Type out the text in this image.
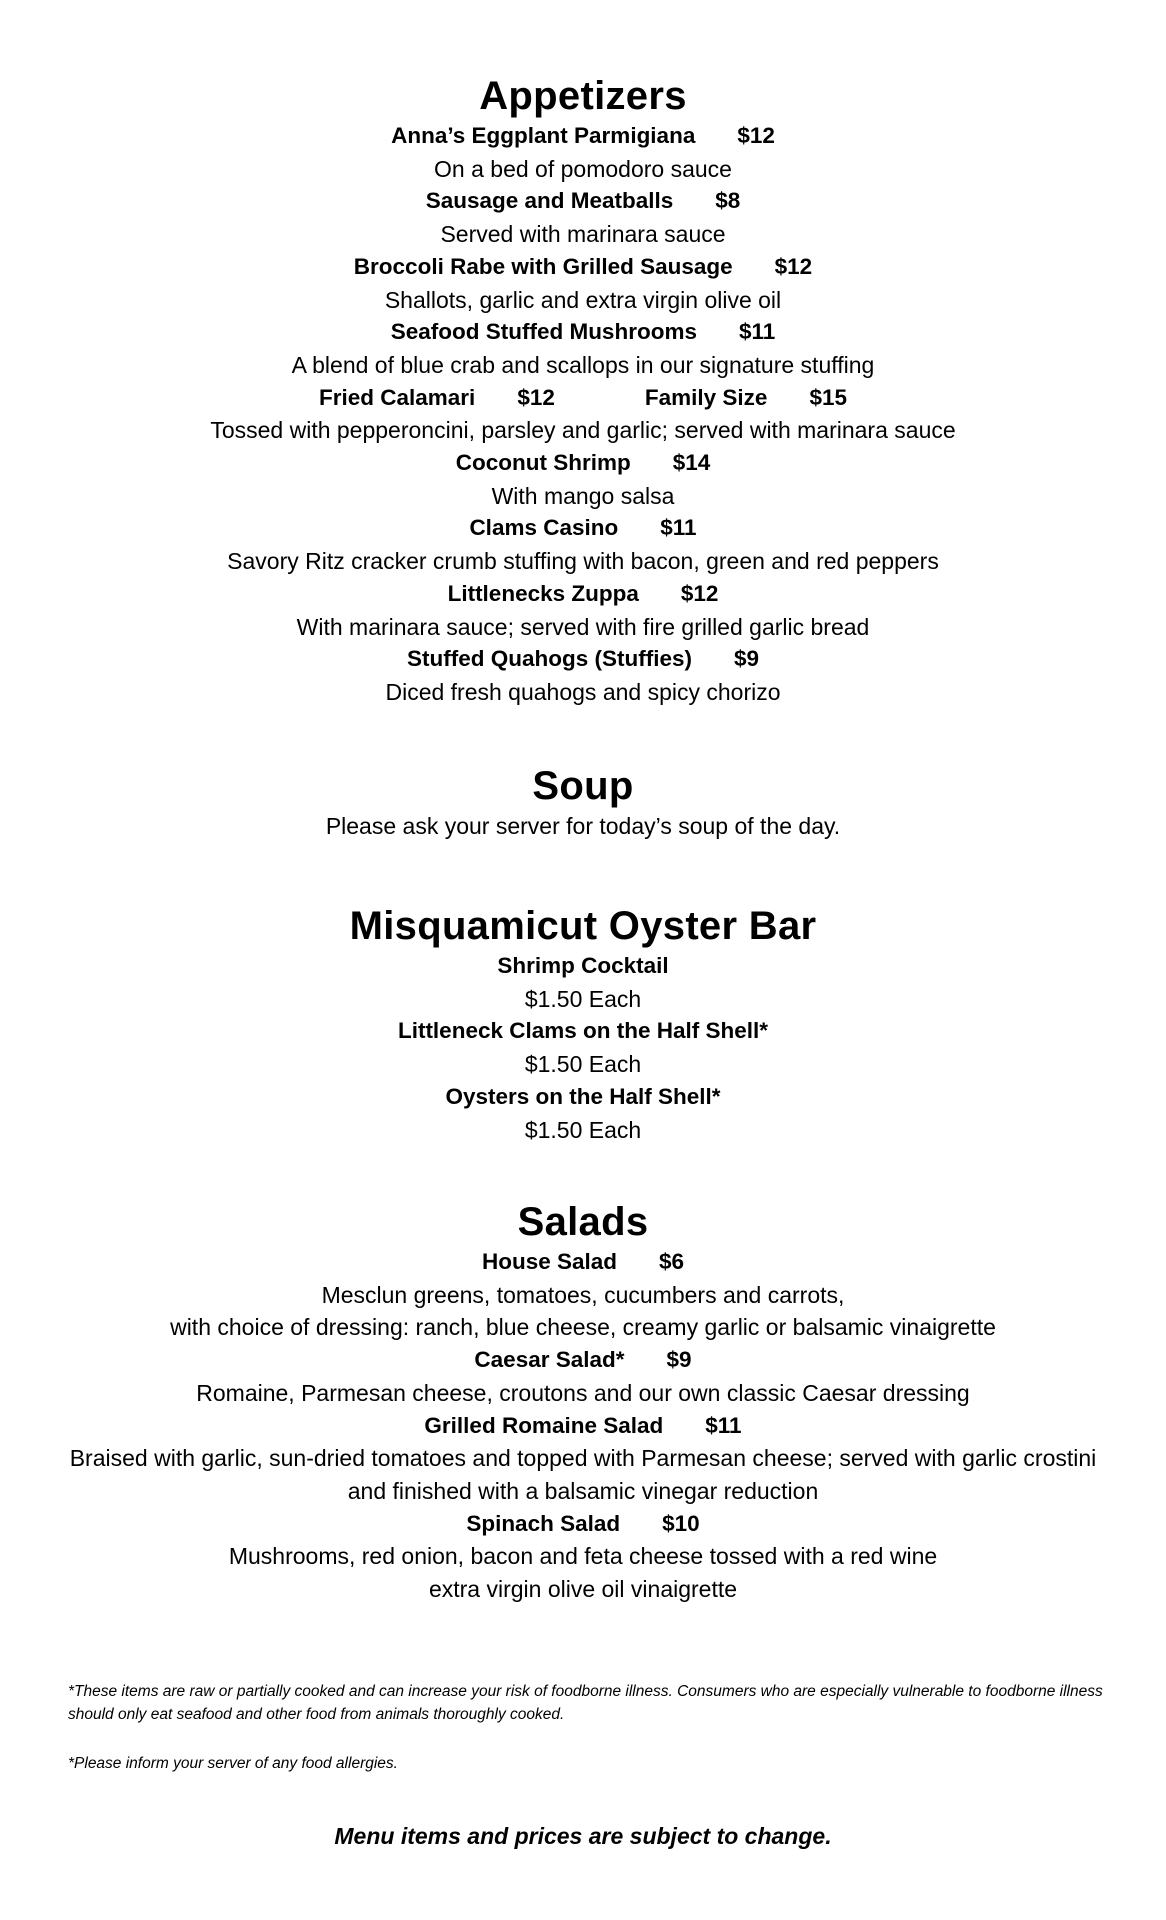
Appetizers
Anna’s Eggplant Parmigiana $12
On a bed of pomodoro sauce
Sausage and Meatballs $8
Served with marinara sauce
Broccoli Rabe with Grilled Sausage $12
Shallots, garlic and extra virgin olive oil
Seafood Stuffed Mushrooms $11
A blend of blue crab and scallops in our signature stuffing
Fried Calamari $12	Family Size $15
Tossed with pepperoncini, parsley and garlic; served with marinara sauce
Coconut Shrimp $14
With mango salsa
Clams Casino $11
Savory Ritz cracker crumb stuffing with bacon, green and red peppers
Littlenecks Zuppa $12
With marinara sauce; served with fire grilled garlic bread
Stuffed Quahogs (Stuffies) $9
Diced fresh quahogs and spicy chorizo
Soup
Please ask your server for today’s soup of the day.
Misquamicut Oyster Bar
Shrimp Cocktail
$1.50 Each
Littleneck Clams on the Half Shell*
$1.50 Each
Oysters on the Half Shell*
$1.50 Each
Salads
House Salad $6
Mesclun greens, tomatoes, cucumbers and carrots,
with choice of dressing: ranch, blue cheese, creamy garlic or balsamic vinaigrette
Caesar Salad* $9
Romaine, Parmesan cheese, croutons and our own classic Caesar dressing
Grilled Romaine Salad $11
Braised with garlic, sun-dried tomatoes and topped with Parmesan cheese; served with garlic crostini and finished with a balsamic vinegar reduction
Spinach Salad $10
Mushrooms, red onion, bacon and feta cheese tossed with a red wine
extra virgin olive oil vinaigrette
*These items are raw or partially cooked and can increase your risk of foodborne illness. Consumers who are especially vulnerable to foodborne illness should only eat seafood and other food from animals thoroughly cooked.
*Please inform your server of any food allergies.
Menu items and prices are subject to change.
